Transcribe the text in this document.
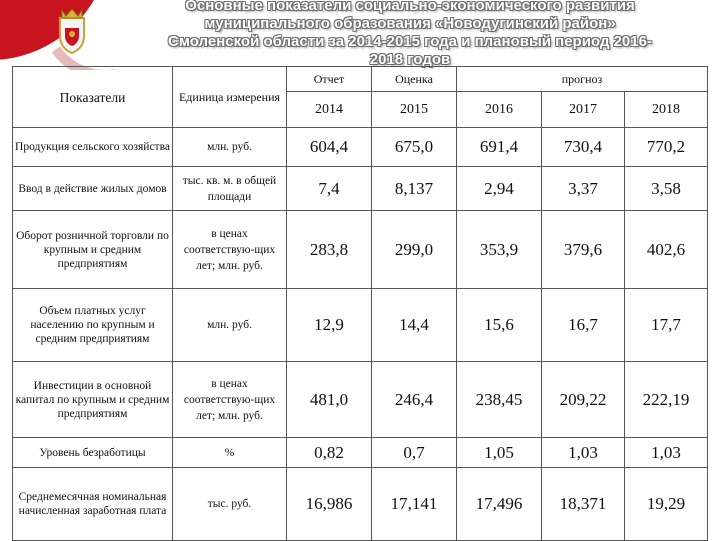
Основные показатели социально-экономического развития
муниципального образования «Новодугинский район»
Смоленской области за 2014-2015 года и плановый период 2016-
2018 годов
Показатели	Единица измерения	Отчет	Оценка	прогноз		
		2014	2015	2016	2017	2018
Продукция сельского хозяйства	млн. руб.	604,4	675,0	691,4	730,4	770,2
Ввод в действие жилых домов	тыс. кв. м. в общей площади	7,4	8,137	2,94	3,37	3,58
Оборот розничной торговли по крупным и средним предприятиям	в ценах соответствую-щих лет; млн. руб.	283,8	299,0	353,9	379,6	402,6
Объем платных услуг населению по крупным и средним предприятиям	млн. руб.	12,9	14,4	15,6	16,7	17,7
Инвестиции в основной капитал по крупным и средним предприятиям	в ценах соответствую-щих лет; млн. руб.	481,0	246,4	238,45	209,22	222,19
Уровень безработицы	%	0,82	0,7	1,05	1,03	1,03
Среднемесячная номинальная начисленная заработная плата	тыс. руб.	16,986	17,141	17,496	18,371	19,29
